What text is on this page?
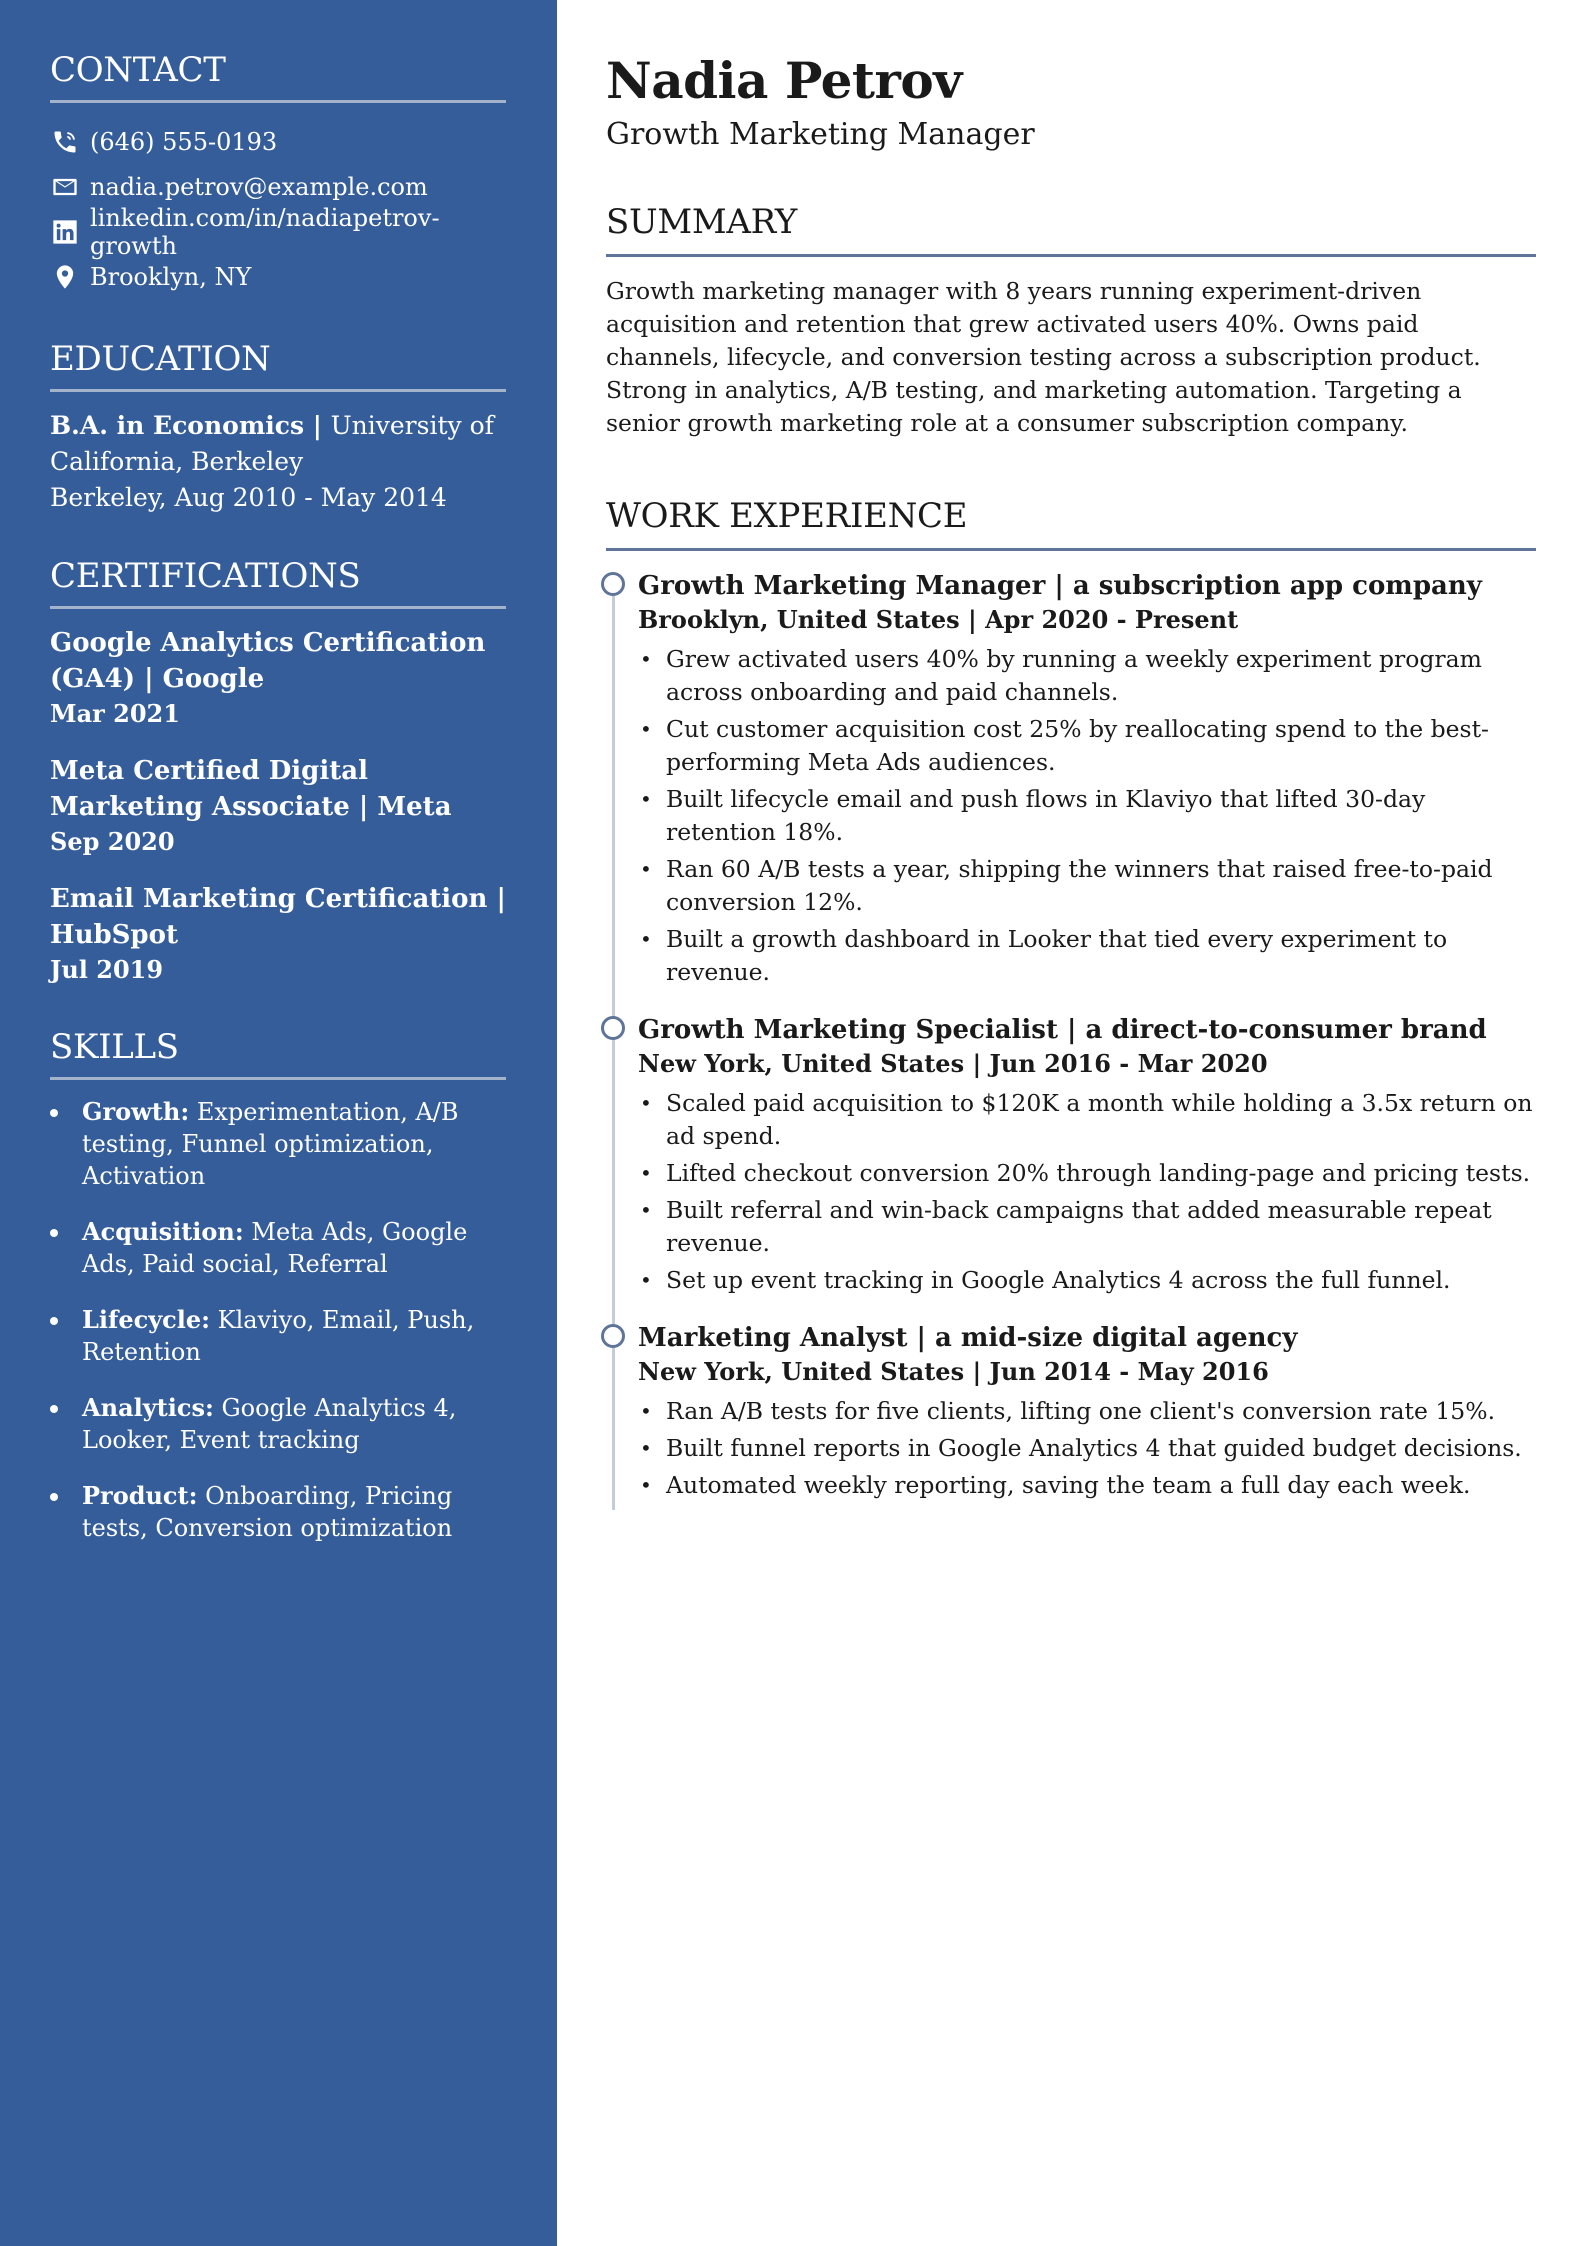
CONTACT
(646) 555-0193
nadia.petrov@example.com
linkedin.com/in/nadiapetrov-growth
Brooklyn, NY
EDUCATION
B.A. in Economics | University of California, Berkeley
Berkeley, Aug 2010 - May 2014
CERTIFICATIONS
Google Analytics Certification (GA4) | Google
Mar 2021
Meta Certified Digital Marketing Associate | Meta
Sep 2020
Email Marketing Certification | HubSpot
Jul 2019
SKILLS
Growth: Experimentation, A/B testing, Funnel optimization, Activation
Acquisition: Meta Ads, Google Ads, Paid social, Referral
Lifecycle: Klaviyo, Email, Push, Retention
Analytics: Google Analytics 4, Looker, Event tracking
Product: Onboarding, Pricing tests, Conversion optimization
Nadia Petrov
Growth Marketing Manager
SUMMARY

Growth marketing manager with 8 years running experiment-driven acquisition and retention that grew activated users 40%. Owns paid channels, lifecycle, and conversion testing across a subscription product. Strong in analytics, A/B testing, and marketing automation. Targeting a senior growth marketing role at a consumer subscription company.

WORK EXPERIENCE
Growth Marketing Manager | a subscription app company
Brooklyn, United States | Apr 2020 - Present
• Grew activated users 40% by running a weekly experiment program across onboarding and paid channels.
• Cut customer acquisition cost 25% by reallocating spend to the best-performing Meta Ads audiences.
• Built lifecycle email and push flows in Klaviyo that lifted 30-day retention 18%.
• Ran 60 A/B tests a year, shipping the winners that raised free-to-paid conversion 12%.
• Built a growth dashboard in Looker that tied every experiment to revenue.
Growth Marketing Specialist | a direct-to-consumer brand
New York, United States | Jun 2016 - Mar 2020
• Scaled paid acquisition to $120K a month while holding a 3.5x return on ad spend.
• Lifted checkout conversion 20% through landing-page and pricing tests.
• Built referral and win-back campaigns that added measurable repeat revenue.
• Set up event tracking in Google Analytics 4 across the full funnel.
Marketing Analyst | a mid-size digital agency
New York, United States | Jun 2014 - May 2016
• Ran A/B tests for five clients, lifting one client's conversion rate 15%.
• Built funnel reports in Google Analytics 4 that guided budget decisions.
• Automated weekly reporting, saving the team a full day each week.
